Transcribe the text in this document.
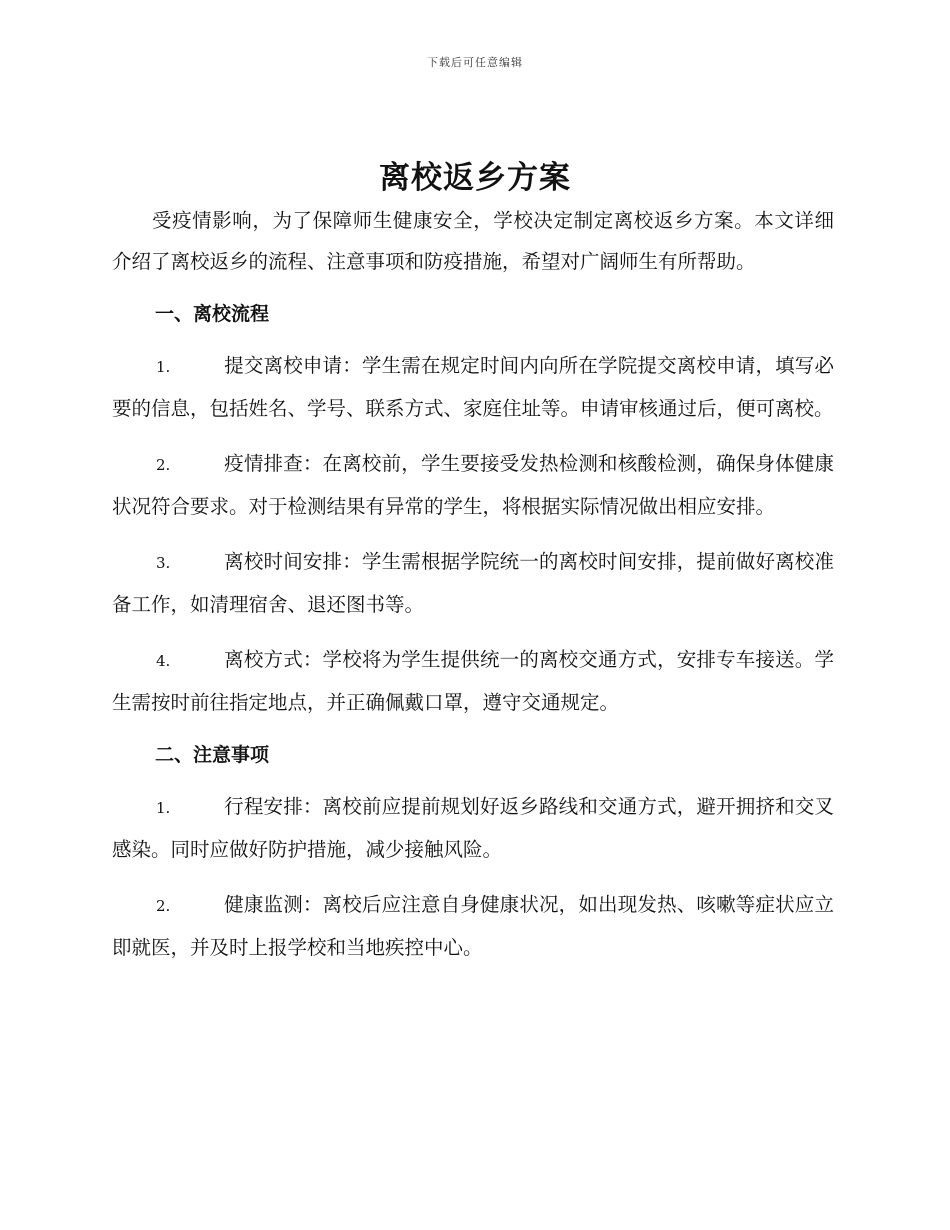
下载后可任意编辑
离校返乡方案

受疫情影响，为了保障师生健康安全，学校决定制定离校返乡方案。本文详细介绍了离校返乡的流程、注意事项和防疫措施，希望对广阔师生有所帮助。

一、离校流程

1.	提交离校申请：学生需在规定时间内向所在学院提交离校申请，填写必要的信息，包括姓名、学号、联系方式、家庭住址等。申请审核通过后，便可离校。

2.	疫情排查：在离校前，学生要接受发热检测和核酸检测，确保身体健康状况符合要求。对于检测结果有异常的学生，将根据实际情况做出相应安排。

3.	离校时间安排：学生需根据学院统一的离校时间安排，提前做好离校准备工作，如清理宿舍、退还图书等。

4.	离校方式：学校将为学生提供统一的离校交通方式，安排专车接送。学生需按时前往指定地点，并正确佩戴口罩，遵守交通规定。

二、注意事项

1.	行程安排：离校前应提前规划好返乡路线和交通方式，避开拥挤和交叉感染。同时应做好防护措施，减少接触风险。

2.	健康监测：离校后应注意自身健康状况，如出现发热、咳嗽等症状应立即就医，并及时上报学校和当地疾控中心。
